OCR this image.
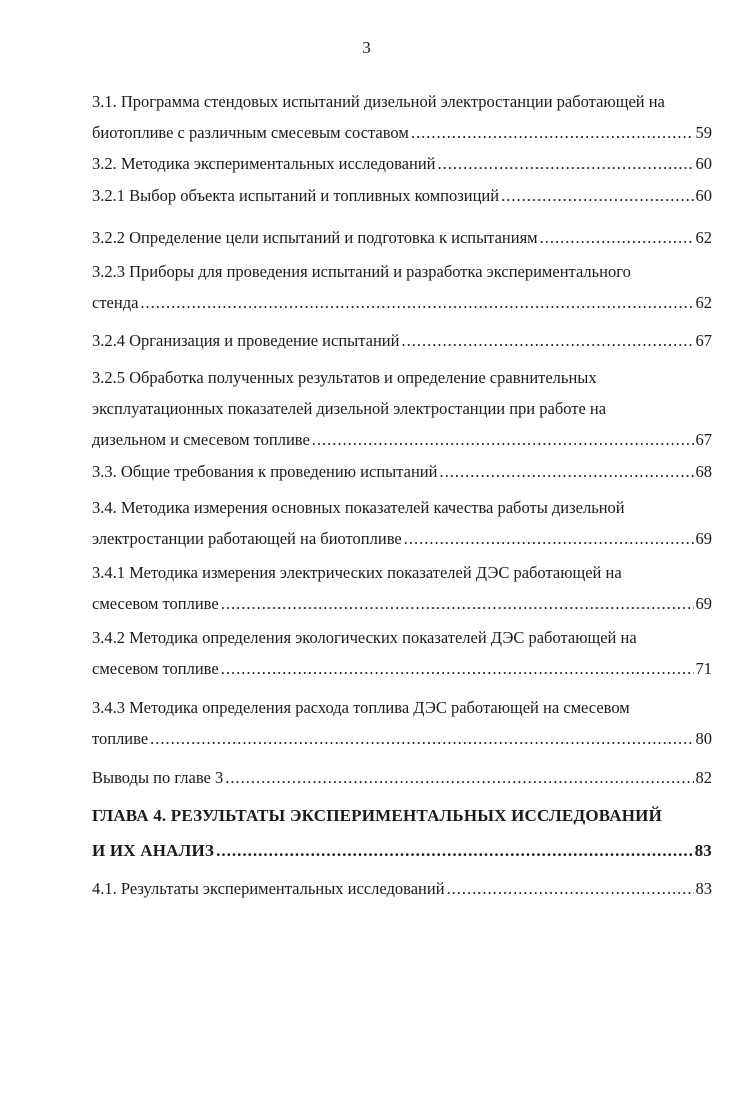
3
3.1. Программа стендовых испытаний дизельной электростанции работающей на
биотопливе с различным смесевым составом .....	59
3.2. Методика экспериментальных исследований .....	60
3.2.1 Выбор объекта испытаний и топливных композиций .....	60
3.2.2 Определение цели испытаний и подготовка к испытаниям .....	62
3.2.3 Приборы для проведения испытаний и разработка экспериментального
стенда .....	62
3.2.4 Организация и проведение испытаний .....	67
3.2.5 Обработка полученных результатов и определение сравнительных
эксплуатационных показателей дизельной электростанции при работе на
дизельном и смесевом топливе .....	67
3.3. Общие требования к проведению испытаний .....	68
3.4. Методика измерения основных показателей качества работы дизельной
электростанции работающей на биотопливе .....	69
3.4.1 Методика измерения электрических показателей ДЭС работающей на
смесевом топливе .....	69
3.4.2 Методика определения экологических показателей ДЭС работающей на
смесевом топливе .....	71
3.4.3 Методика определения расхода топлива ДЭС работающей на смесевом
топливе .....	80
Выводы по главе 3 .....	82
ГЛАВА 4. РЕЗУЛЬТАТЫ ЭКСПЕРИМЕНТАЛЬНЫХ ИССЛЕДОВАНИЙ
И ИХ АНАЛИЗ .....	83
4.1. Результаты экспериментальных исследований .....	83
